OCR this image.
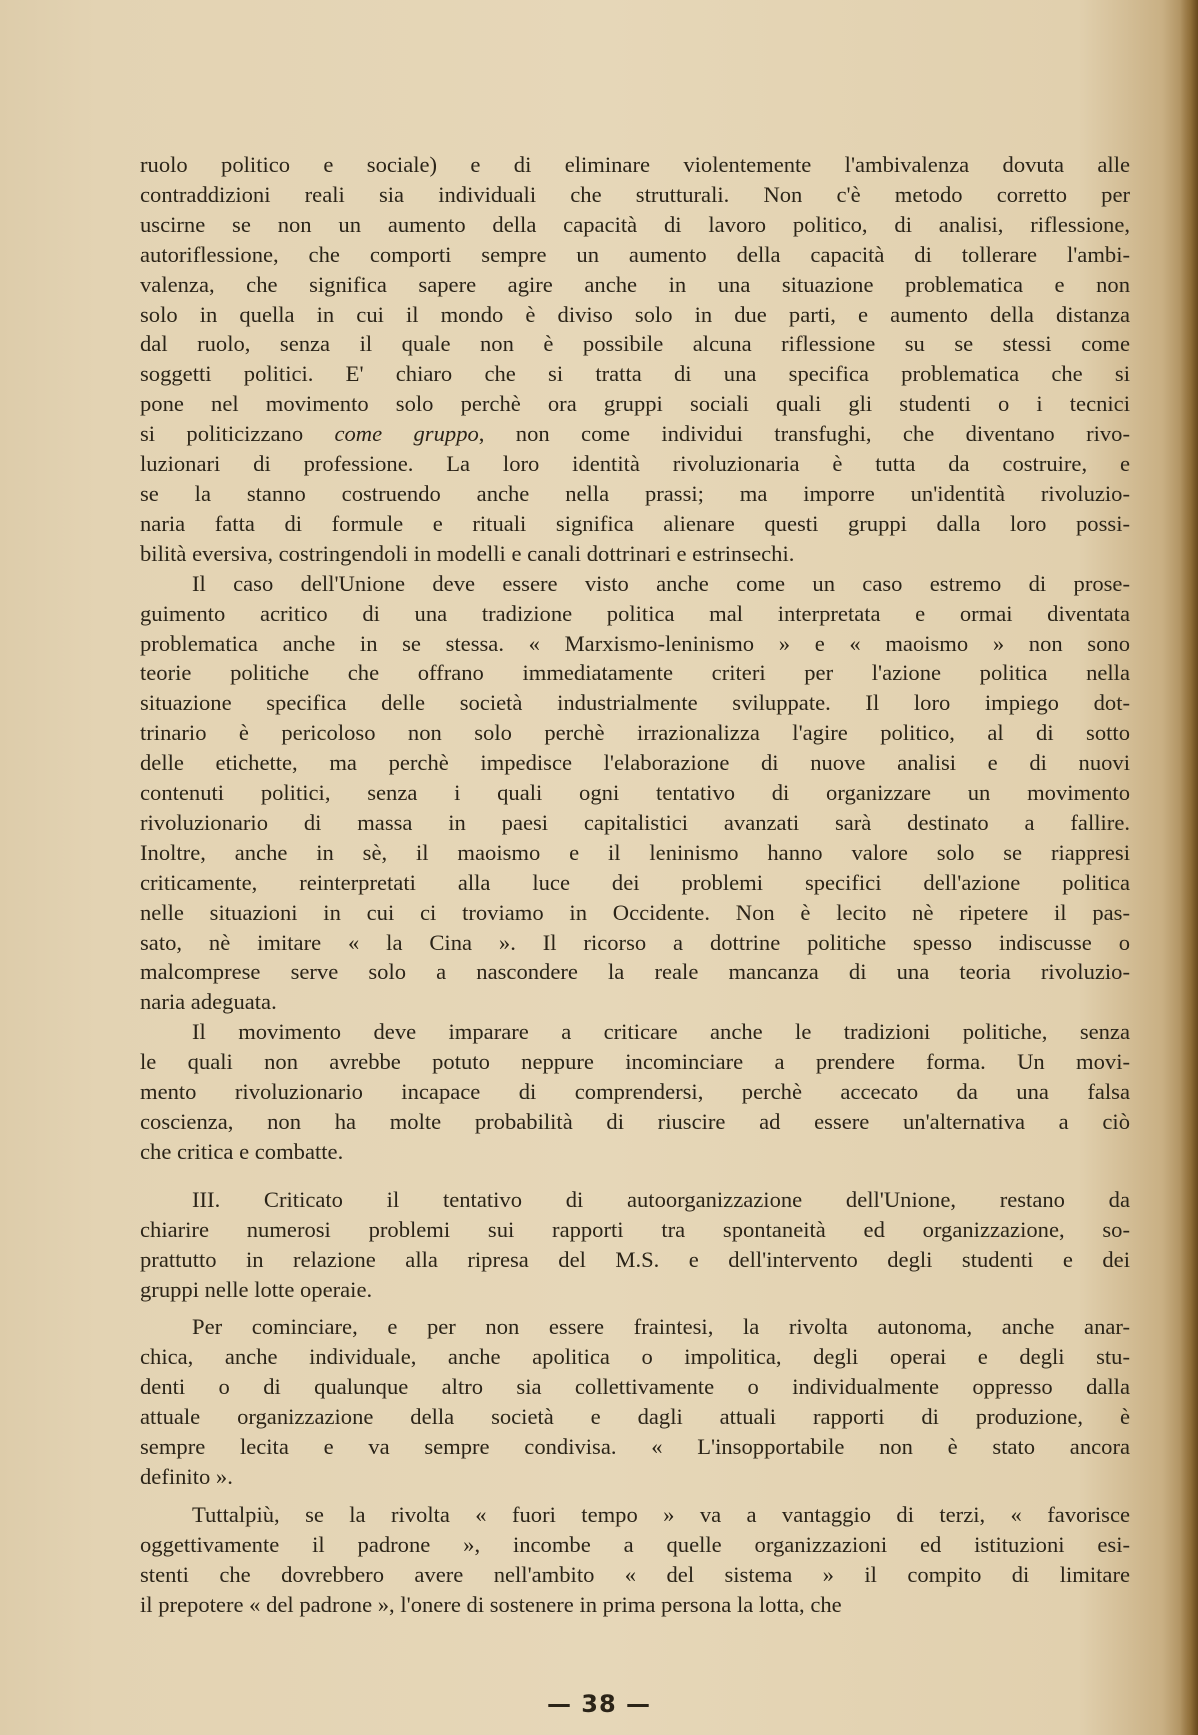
ruolo politico e sociale) e di eliminare violentemente l'ambivalenza dovuta alle
contraddizioni reali sia individuali che strutturali. Non c'è metodo corretto per
uscirne se non un aumento della capacità di lavoro politico, di analisi, riflessione,
autoriflessione, che comporti sempre un aumento della capacità di tollerare l'ambi-
valenza, che significa sapere agire anche in una situazione problematica e non
solo in quella in cui il mondo è diviso solo in due parti, e aumento della distanza
dal ruolo, senza il quale non è possibile alcuna riflessione su se stessi come
soggetti politici. E' chiaro che si tratta di una specifica problematica che si
pone nel movimento solo perchè ora gruppi sociali quali gli studenti o i tecnici
si politicizzano come gruppo, non come individui transfughi, che diventano rivo-
luzionari di professione. La loro identità rivoluzionaria è tutta da costruire, e
se la stanno costruendo anche nella prassi; ma imporre un'identità rivoluzio-
naria fatta di formule e rituali significa alienare questi gruppi dalla loro possi-
bilità eversiva, costringendoli in modelli e canali dottrinari e estrinsechi.
Il caso dell'Unione deve essere visto anche come un caso estremo di prose-
guimento acritico di una tradizione politica mal interpretata e ormai diventata
problematica anche in se stessa. « Marxismo-leninismo » e « maoismo » non sono
teorie politiche che offrano immediatamente criteri per l'azione politica nella
situazione specifica delle società industrialmente sviluppate. Il loro impiego dot-
trinario è pericoloso non solo perchè irrazionalizza l'agire politico, al di sotto
delle etichette, ma perchè impedisce l'elaborazione di nuove analisi e di nuovi
contenuti politici, senza i quali ogni tentativo di organizzare un movimento
rivoluzionario di massa in paesi capitalistici avanzati sarà destinato a fallire.
Inoltre, anche in sè, il maoismo e il leninismo hanno valore solo se riappresi
criticamente, reinterpretati alla luce dei problemi specifici dell'azione politica
nelle situazioni in cui ci troviamo in Occidente. Non è lecito nè ripetere il pas-
sato, nè imitare « la Cina ». Il ricorso a dottrine politiche spesso indiscusse o
malcomprese serve solo a nascondere la reale mancanza di una teoria rivoluzio-
naria adeguata.
Il movimento deve imparare a criticare anche le tradizioni politiche, senza
le quali non avrebbe potuto neppure incominciare a prendere forma. Un movi-
mento rivoluzionario incapace di comprendersi, perchè accecato da una falsa
coscienza, non ha molte probabilità di riuscire ad essere un'alternativa a ciò
che critica e combatte.
III. Criticato il tentativo di autoorganizzazione dell'Unione, restano da
chiarire numerosi problemi sui rapporti tra spontaneità ed organizzazione, so-
prattutto in relazione alla ripresa del M.S. e dell'intervento degli studenti e dei
gruppi nelle lotte operaie.
Per cominciare, e per non essere fraintesi, la rivolta autonoma, anche anar-
chica, anche individuale, anche apolitica o impolitica, degli operai e degli stu-
denti o di qualunque altro sia collettivamente o individualmente oppresso dalla
attuale organizzazione della società e dagli attuali rapporti di produzione, è
sempre lecita e va sempre condivisa. « L'insopportabile non è stato ancora
definito ».
Tuttalpiù, se la rivolta « fuori tempo » va a vantaggio di terzi, « favorisce
oggettivamente il padrone », incombe a quelle organizzazioni ed istituzioni esi-
stenti che dovrebbero avere nell'ambito « del sistema » il compito di limitare
il prepotere « del padrone », l'onere di sostenere in prima persona la lotta, che
— 38 —
